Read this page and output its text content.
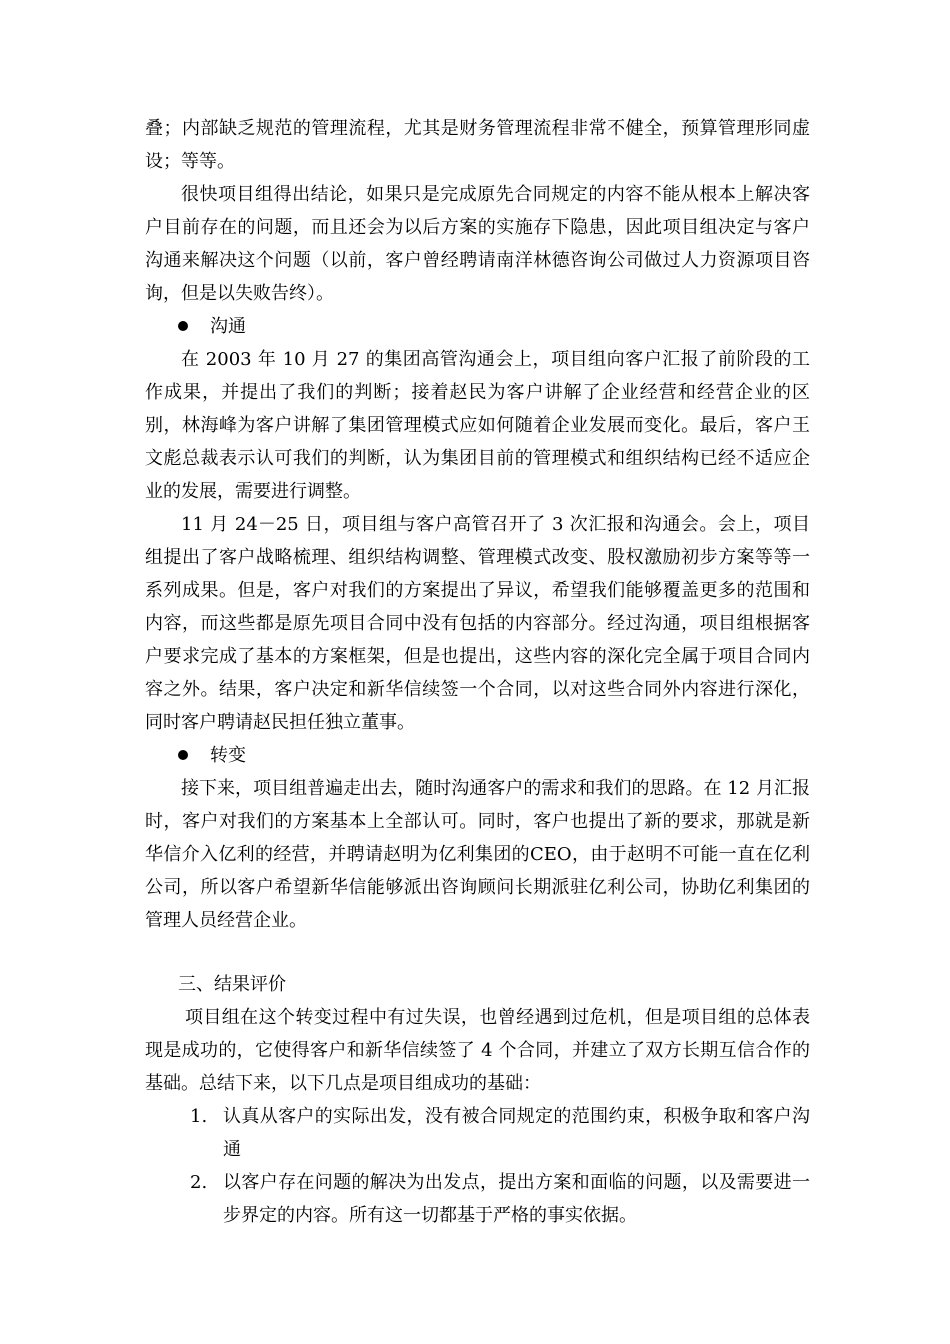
叠；内部缺乏规范的管理流程，尤其是财务管理流程非常不健全，预算管理形同虚设；等等。

很快项目组得出结论，如果只是完成原先合同规定的内容不能从根本上解决客户目前存在的问题，而且还会为以后方案的实施存下隐患，因此项目组决定与客户沟通来解决这个问题（以前，客户曾经聘请南洋林德咨询公司做过人力资源项目咨询，但是以失败告终）。

沟通

在 2003 年 10 月 27 的集团高管沟通会上，项目组向客户汇报了前阶段的工作成果，并提出了我们的判断；接着赵民为客户讲解了企业经营和经营企业的区别，林海峰为客户讲解了集团管理模式应如何随着企业发展而变化。最后，客户王文彪总裁表示认可我们的判断，认为集团目前的管理模式和组织结构已经不适应企业的发展，需要进行调整。

11 月 24－25 日，项目组与客户高管召开了 3 次汇报和沟通会。会上，项目组提出了客户战略梳理、组织结构调整、管理模式改变、股权激励初步方案等等一系列成果。但是，客户对我们的方案提出了异议，希望我们能够覆盖更多的范围和内容，而这些都是原先项目合同中没有包括的内容部分。经过沟通，项目组根据客户要求完成了基本的方案框架，但是也提出，这些内容的深化完全属于项目合同内容之外。结果，客户决定和新华信续签一个合同，以对这些合同外内容进行深化，同时客户聘请赵民担任独立董事。

转变

接下来，项目组普遍走出去，随时沟通客户的需求和我们的思路。在 12 月汇报时，客户对我们的方案基本上全部认可。同时，客户也提出了新的要求，那就是新华信介入亿利的经营，并聘请赵明为亿利集团的CEO，由于赵明不可能一直在亿利公司，所以客户希望新华信能够派出咨询顾问长期派驻亿利公司，协助亿利集团的管理人员经营企业。

三、结果评价

项目组在这个转变过程中有过失误，也曾经遇到过危机，但是项目组的总体表现是成功的，它使得客户和新华信续签了 4 个合同，并建立了双方长期互信合作的基础。总结下来，以下几点是项目组成功的基础：

1. 认真从客户的实际出发，没有被合同规定的范围约束，积极争取和客户沟通
2. 以客户存在问题的解决为出发点，提出方案和面临的问题，以及需要进一步界定的内容。所有这一切都基于严格的事实依据。
